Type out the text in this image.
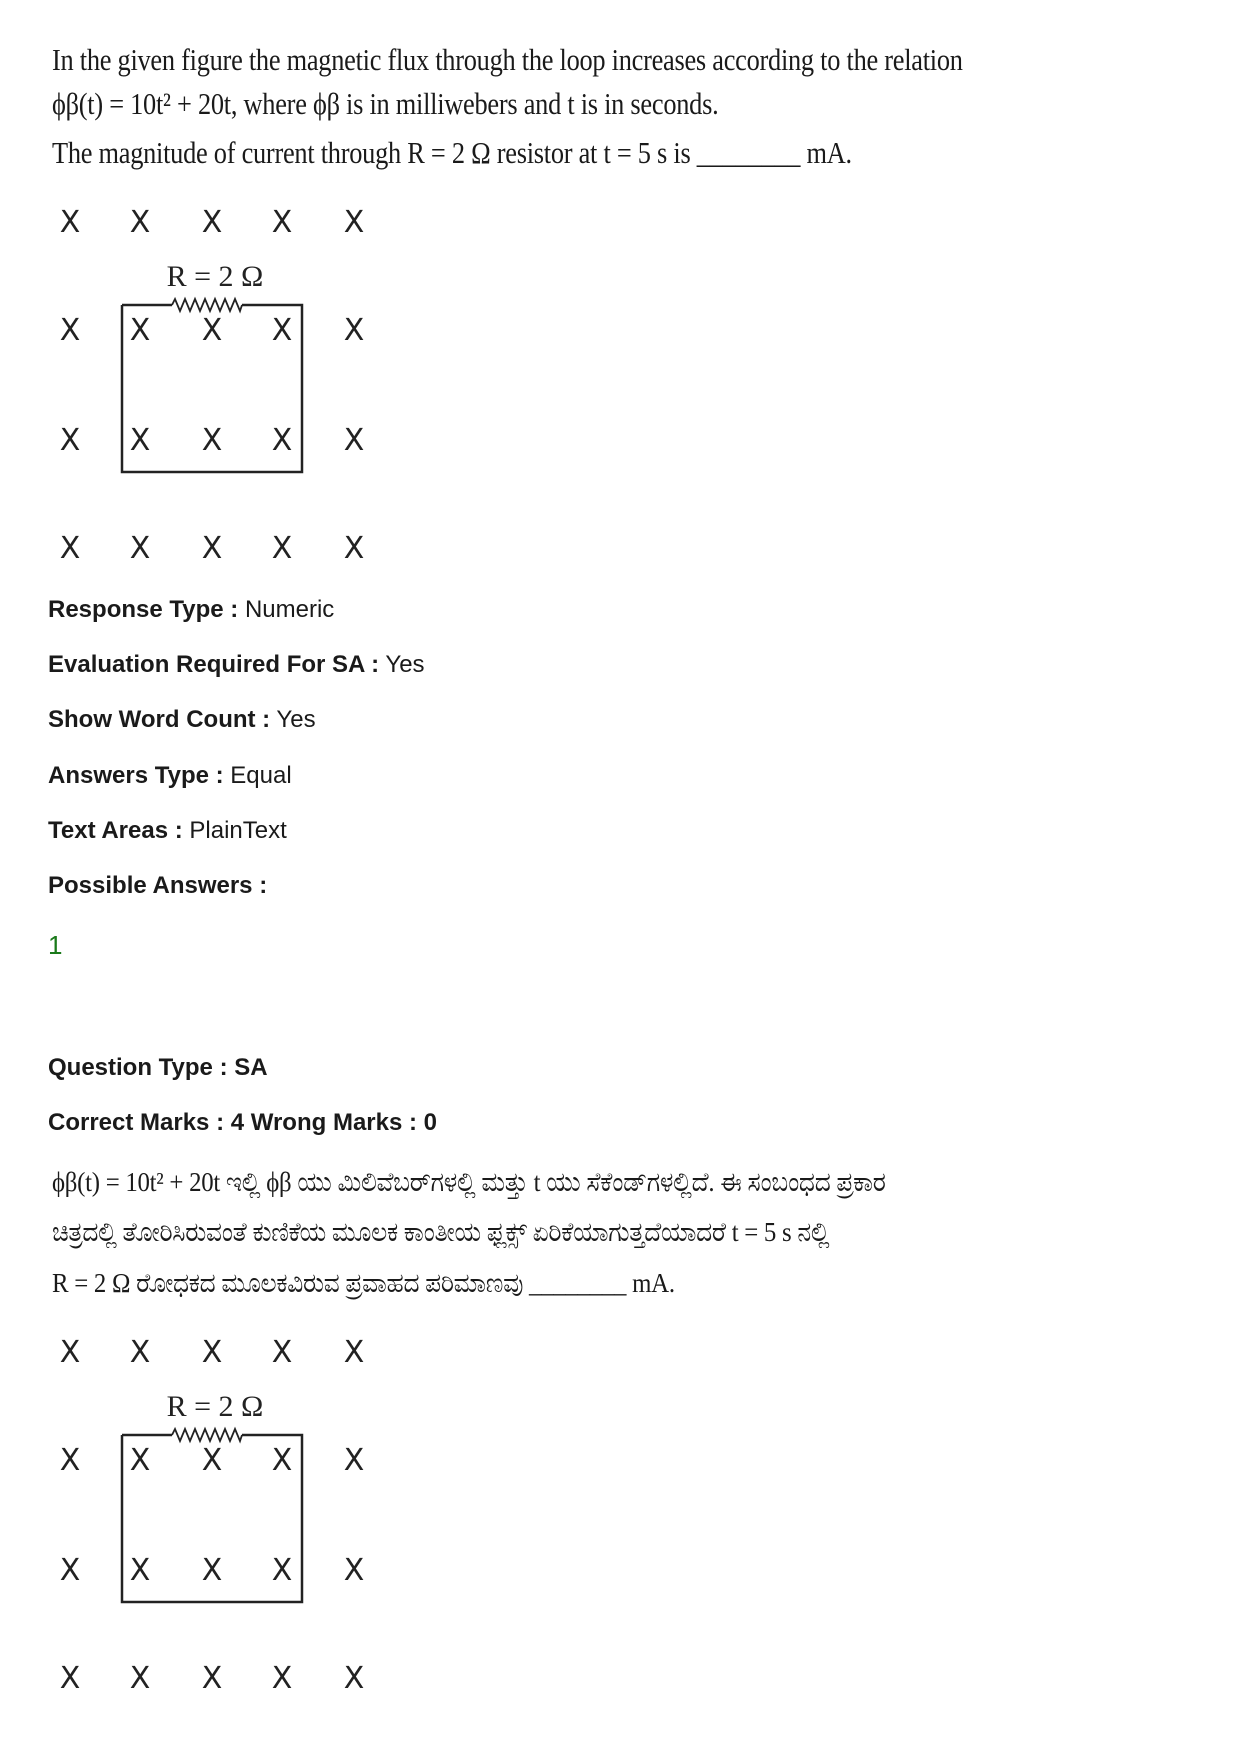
In the given figure the magnetic flux through the loop increases according to the relation
ϕβ(t) = 10t² + 20t, where ϕβ is in milliwebers and t is in seconds.
The magnitude of current through R = 2 Ω resistor at t = 5 s is ________ mA.
X X X X X
X X X X X
X X X X X
X X X X X
R = 2 Ω
Response Type : Numeric
Evaluation Required For SA : Yes
Show Word Count : Yes
Answers Type : Equal
Text Areas : PlainText
Possible Answers :
1
Question Type : SA
Correct Marks : 4 Wrong Marks : 0
ϕβ(t) = 10t² + 20t ಇಲ್ಲಿ ϕβ ಯು ಮಿಲಿವೆಬರ್‌ಗಳಲ್ಲಿ ಮತ್ತು t ಯು ಸೆಕೆಂಡ್‌ಗಳಲ್ಲಿದೆ. ಈ ಸಂಬಂಧದ ಪ್ರಕಾರ
ಚಿತ್ರದಲ್ಲಿ ತೋರಿಸಿರುವಂತೆ ಕುಣಿಕೆಯ ಮೂಲಕ ಕಾಂತೀಯ ಫ್ಲಕ್ಸ್ ಏರಿಕೆಯಾಗುತ್ತದೆಯಾದರೆ t = 5 s ನಲ್ಲಿ
R = 2 Ω ರೋಧಕದ ಮೂಲಕವಿರುವ ಪ್ರವಾಹದ ಪರಿಮಾಣವು ________ mA.
X X X X X
X X X X X
X X X X X
X X X X X
R = 2 Ω
